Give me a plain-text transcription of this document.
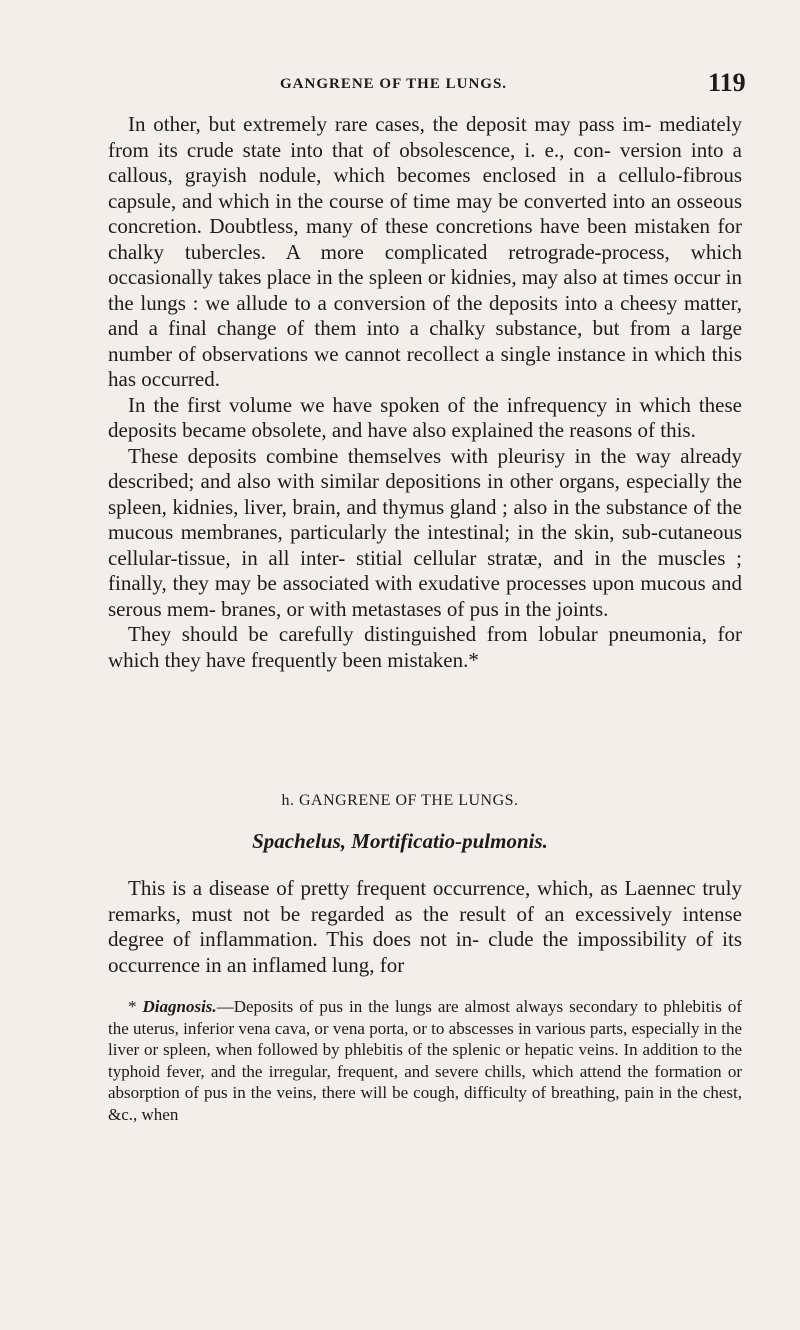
GANGRENE OF THE LUNGS.	119

In other, but extremely rare cases, the deposit may pass im- mediately from its crude state into that of obsolescence, i. e., con- version into a callous, grayish nodule, which becomes enclosed in a cellulo-fibrous capsule, and which in the course of time may be converted into an osseous concretion. Doubtless, many of these concretions have been mistaken for chalky tubercles. A more complicated retrograde-process, which occasionally takes place in the spleen or kidnies, may also at times occur in the lungs : we allude to a conversion of the deposits into a cheesy matter, and a final change of them into a chalky substance, but from a large number of observations we cannot recollect a single instance in which this has occurred.

In the first volume we have spoken of the infrequency in which these deposits became obsolete, and have also explained the reasons of this.

These deposits combine themselves with pleurisy in the way already described; and also with similar depositions in other organs, especially the spleen, kidnies, liver, brain, and thymus gland ; also in the substance of the mucous membranes, particularly the intestinal; in the skin, sub-cutaneous cellular-tissue, in all inter- stitial cellular stratæ, and in the muscles ; finally, they may be associated with exudative processes upon mucous and serous mem- branes, or with metastases of pus in the joints.

They should be carefully distinguished from lobular pneumonia, for which they have frequently been mistaken.*

h. GANGRENE OF THE LUNGS.
Spachelus, Mortificatio-pulmonis.

This is a disease of pretty frequent occurrence, which, as Laennec truly remarks, must not be regarded as the result of an excessively intense degree of inflammation. This does not in- clude the impossibility of its occurrence in an inflamed lung, for

* Diagnosis.—Deposits of pus in the lungs are almost always secondary to phlebitis of the uterus, inferior vena cava, or vena porta, or to abscesses in various parts, especially in the liver or spleen, when followed by phlebitis of the splenic or hepatic veins. In addition to the typhoid fever, and the irregular, frequent, and severe chills, which attend the formation or absorption of pus in the veins, there will be cough, difficulty of breathing, pain in the chest, &c., when
